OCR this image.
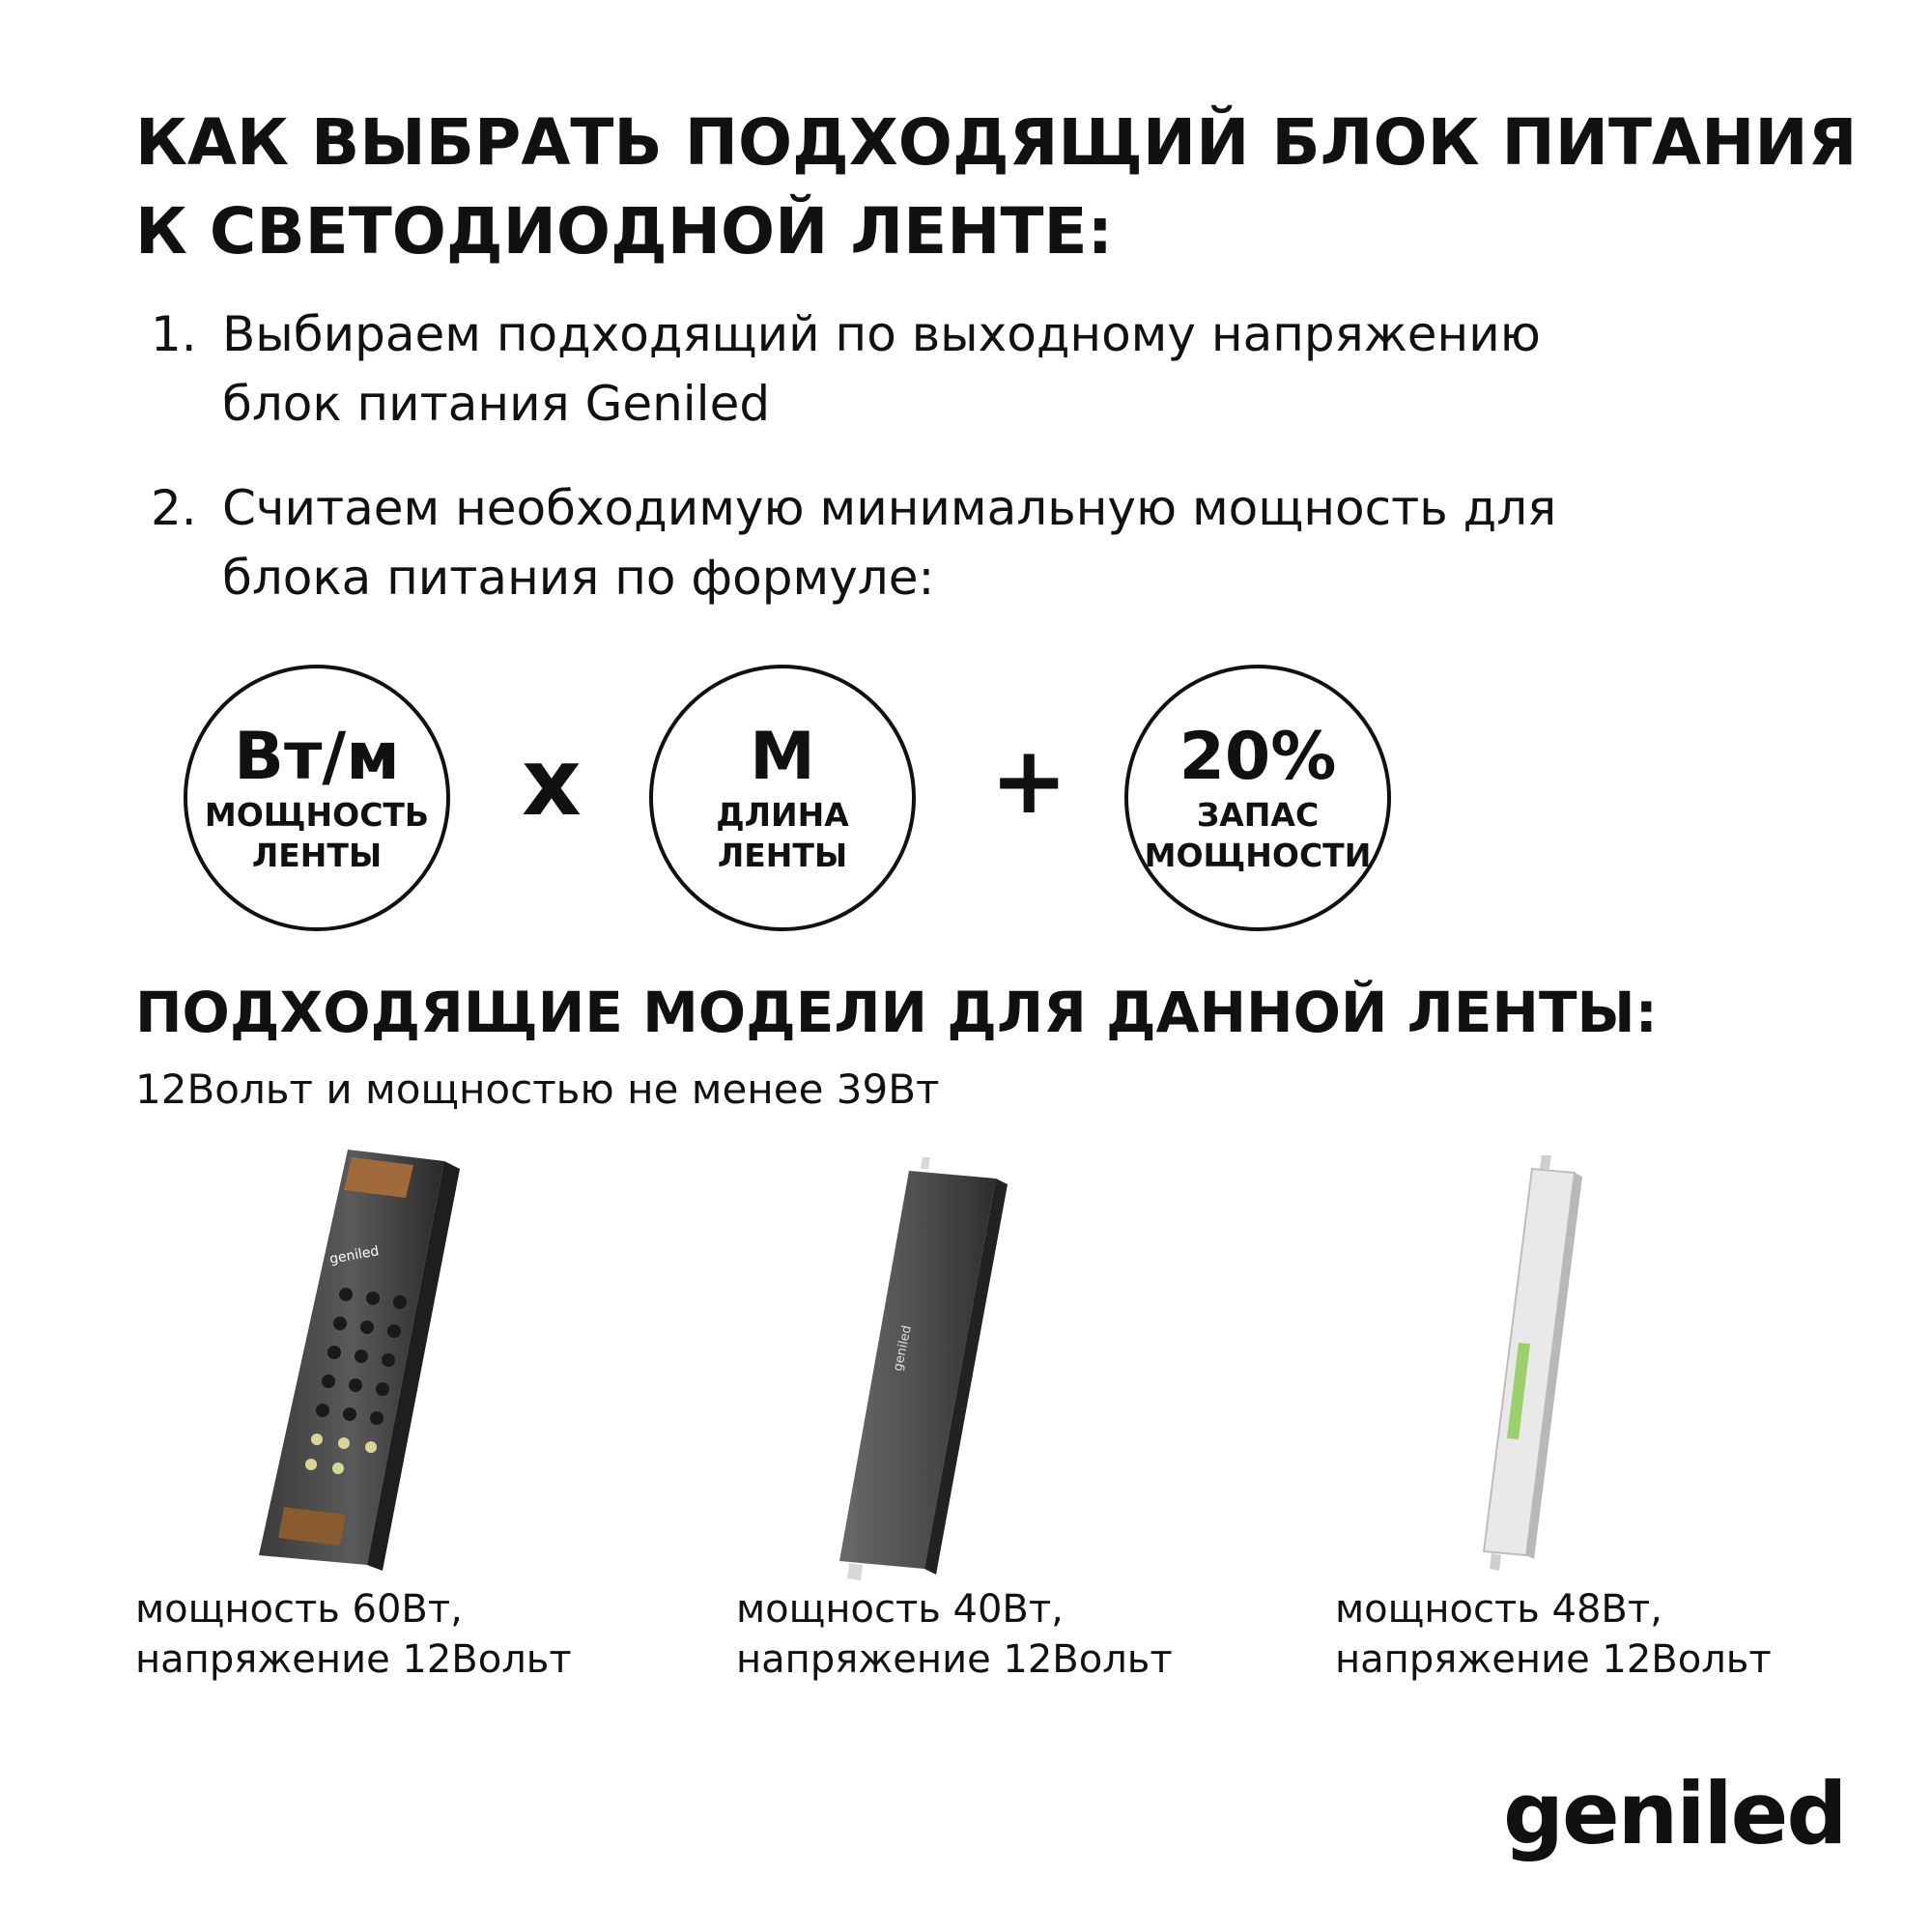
КАК ВЫБРАТЬ ПОДХОДЯЩИЙ БЛОК ПИТАНИЯ
К СВЕТОДИОДНОЙ ЛЕНТЕ:
1. Выбираем подходящий по выходному напряжению
блок питания Geniled
2. Считаем необходимую минимальную мощность для
блока питания по формуле:
Вт/м
МОЩНОСТЬ
ЛЕНТЫ
х	М
ДЛИНА
ЛЕНТЫ
+ 20%
ЗАПАС
МОЩНОСТИ
ПОДХОДЯЩИЕ МОДЕЛИ ДЛЯ ДАННОЙ ЛЕНТЫ:
12Вольт и мощностью не менее 39Вт
geniled
geniled
мощность 60Вт,
напряжение 12Вольт
мощность 40Вт,
напряжение 12Вольт
мощность 48Вт,
напряжение 12Вольт
geniled
